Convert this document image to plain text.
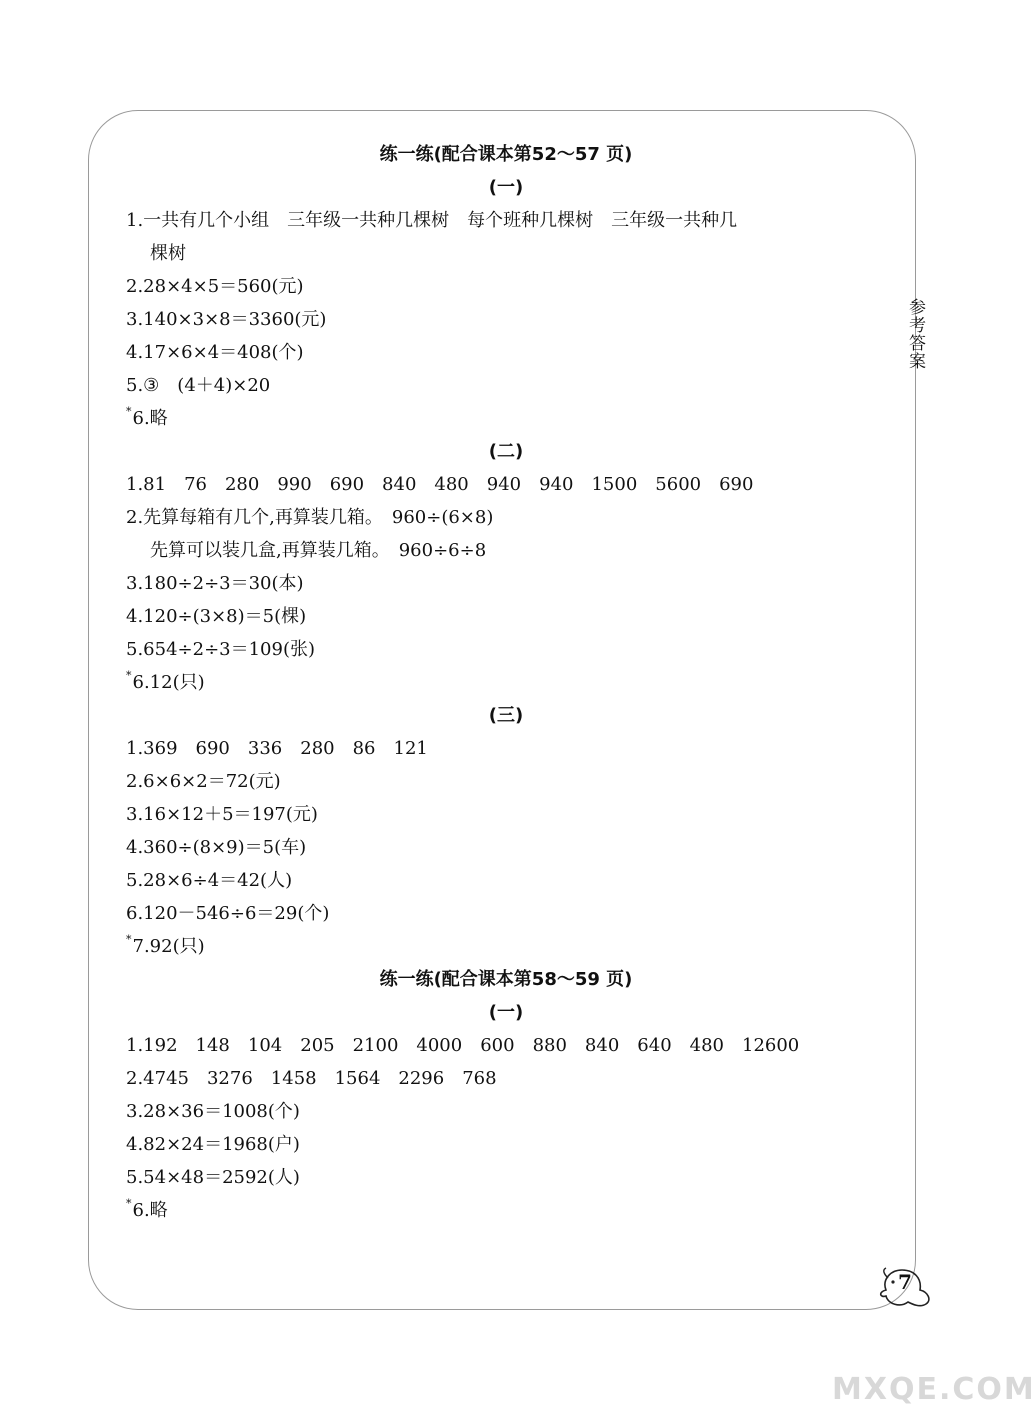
参考答案
练一练(配合课本第52～57 页)
(一)
1.一共有几个小组　三年级一共种几棵树　每个班种几棵树　三年级一共种几
棵树
2.28×4×5＝560(元)
3.140×3×8＝3360(元)
4.17×6×4＝408(个)
5.③　(4＋4)×20
*6.略
(二)
1.81　76　280　990　690　840　480　940　940　1500　5600　690
2.先算每箱有几个,再算装几箱。　960÷(6×8)
先算可以装几盒,再算装几箱。　960÷6÷8
3.180÷2÷3＝30(本)
4.120÷(3×8)＝5(棵)
5.654÷2÷3＝109(张)
*6.12(只)
(三)
1.369　690　336　280　86　121
2.6×6×2＝72(元)
3.16×12＋5＝197(元)
4.360÷(8×9)＝5(车)
5.28×6÷4＝42(人)
6.120－546÷6＝29(个)
*7.92(只)
练一练(配合课本第58～59 页)
(一)
1.192　148　104　205　2100　4000　600　880　840　640　480　12600
2.4745　3276　1458　1564　2296　768
3.28×36＝1008(个)
4.82×24＝1968(户)
5.54×48＝2592(人)
*6.略
7
MXQE.COM
